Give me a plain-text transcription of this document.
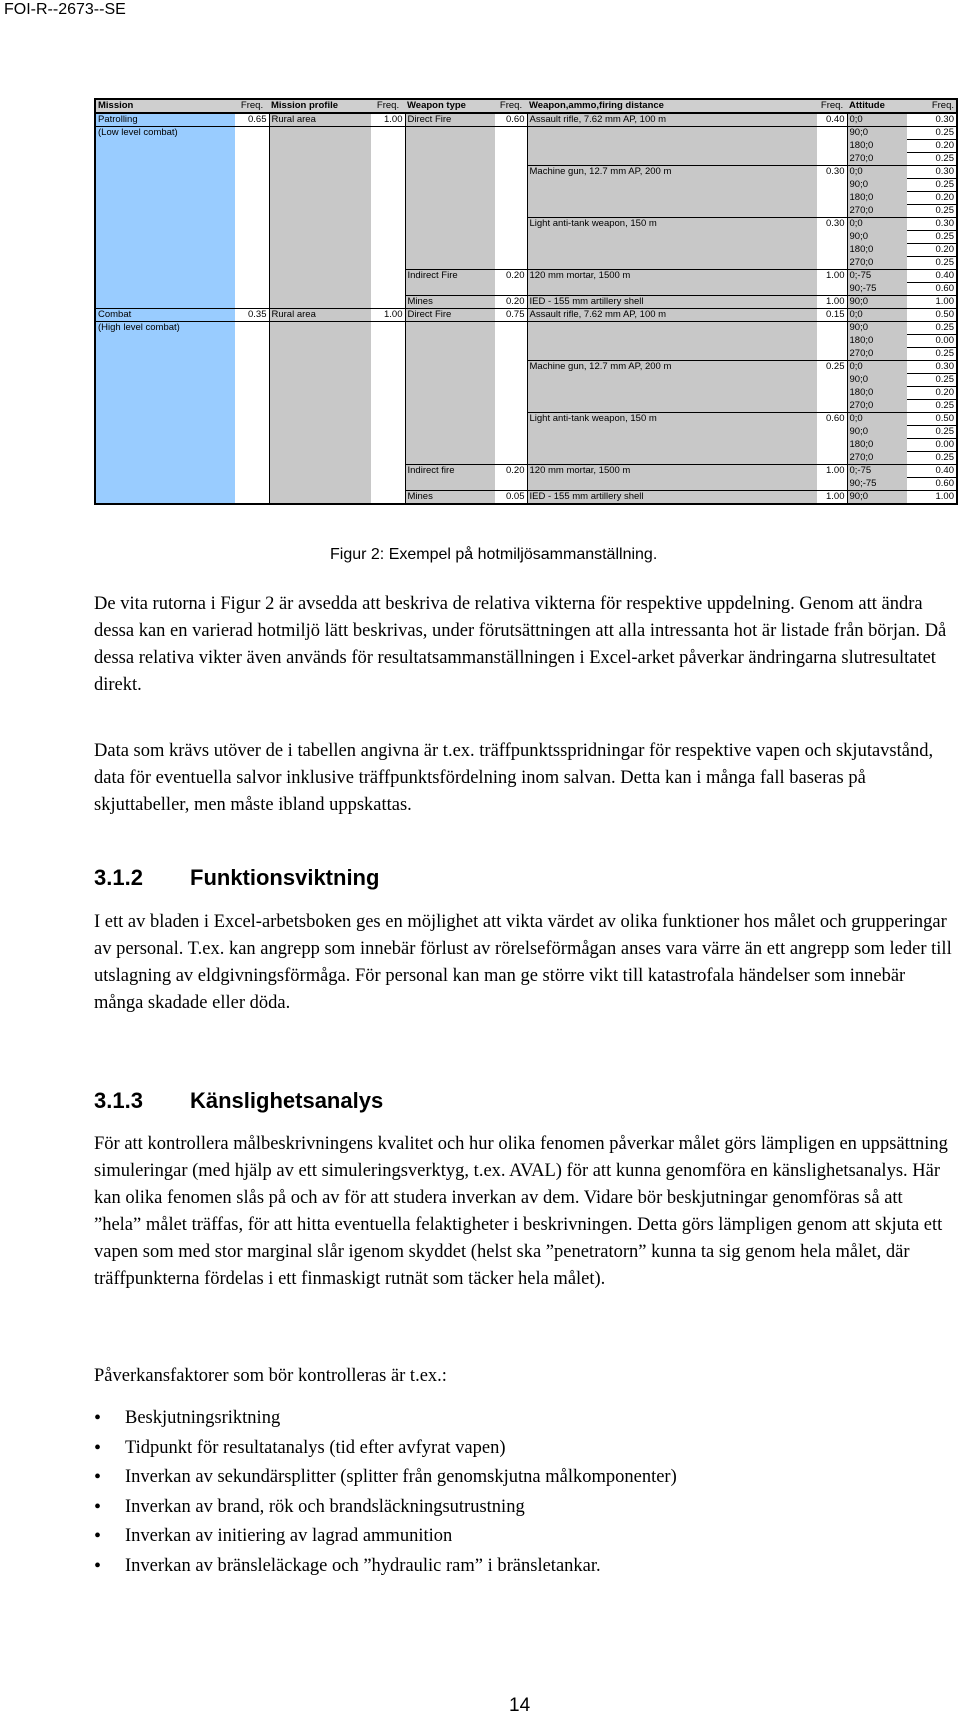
FOI-R--2673--SE
Mission	Freq.	Mission profile	Freq.	Weapon type	Freq.	Weapon,ammo,firing distance	Freq.	Attitude	Freq.
Patrolling	0.65	Rural area	1.00	Direct Fire	0.60	Assault rifle, 7.62 mm AP, 100 m	0.40	0;0	0.30
(Low level combat)								90;0	0.25
								180;0	0.20
								270;0	0.25
						Machine gun, 12.7 mm AP, 200 m	0.30	0;0	0.30
								90;0	0.25
								180;0	0.20
								270;0	0.25
						Light anti-tank weapon, 150 m	0.30	0;0	0.30
								90;0	0.25
								180;0	0.20
								270;0	0.25
				Indirect Fire	0.20	120 mm mortar, 1500 m	1.00	0;-75	0.40
								90;-75	0.60
				Mines	0.20	IED - 155 mm artillery shell	1.00	90;0	1.00
Combat	0.35	Rural area	1.00	Direct Fire	0.75	Assault rifle, 7.62 mm AP, 100 m	0.15	0;0	0.50
(High level combat)								90;0	0.25
								180;0	0.00
								270;0	0.25
						Machine gun, 12.7 mm AP, 200 m	0.25	0;0	0.30
								90;0	0.25
								180;0	0.20
								270;0	0.25
						Light anti-tank weapon, 150 m	0.60	0;0	0.50
								90;0	0.25
								180;0	0.00
								270;0	0.25
				Indirect fire	0.20	120 mm mortar, 1500 m	1.00	0;-75	0.40
								90;-75	0.60
				Mines	0.05	IED - 155 mm artillery shell	1.00	90;0	1.00
Figur 2: Exempel på hotmiljösammanställning.

De vita rutorna i Figur 2 är avsedda att beskriva de relativa vikterna för respektive uppdelning. Genom att ändra dessa kan en varierad hotmiljö lätt beskrivas, under förutsättningen att alla intressanta hot är listade från början. Då dessa relativa vikter även används för resultatsammanställningen i Excel-arket påverkar ändringarna slutresultatet direkt.

Data som krävs utöver de i tabellen angivna är t.ex. träffpunktsspridningar för respektive vapen och skjutavstånd, data för eventuella salvor inklusive träffpunktsfördelning inom salvan. Detta kan i många fall baseras på skjuttabeller, men måste ibland uppskattas.

3.1.2 Funktionsviktning

I ett av bladen i Excel-arbetsboken ges en möjlighet att vikta värdet av olika funktioner hos målet och grupperingar av personal. T.ex. kan angrepp som innebär förlust av rörelseförmågan anses vara värre än ett angrepp som leder till utslagning av eldgivningsförmåga. För personal kan man ge större vikt till katastrofala händelser som innebär många skadade eller döda.

3.1.3 Känslighetsanalys

För att kontrollera målbeskrivningens kvalitet och hur olika fenomen påverkar målet görs lämpligen en uppsättning simuleringar (med hjälp av ett simuleringsverktyg, t.ex. AVAL) för att kunna genomföra en känslighetsanalys. Här kan olika fenomen slås på och av för att studera inverkan av dem. Vidare bör beskjutningar genomföras så att ”hela” målet träffas, för att hitta eventuella felaktigheter i beskrivningen. Detta görs lämpligen genom att skjuta ett vapen som med stor marginal slår igenom skyddet (helst ska ”penetratorn” kunna ta sig genom hela målet, där träffpunkterna fördelas i ett finmaskigt rutnät som täcker hela målet).

Påverkansfaktorer som bör kontrolleras är t.ex.:

• Beskjutningsriktning
• Tidpunkt för resultatanalys (tid efter avfyrat vapen)
• Inverkan av sekundärsplitter (splitter från genomskjutna målkomponenter)
• Inverkan av brand, rök och brandsläckningsutrustning
• Inverkan av initiering av lagrad ammunition
• Inverkan av bränsleläckage och ”hydraulic ram” i bränsletankar.
14
